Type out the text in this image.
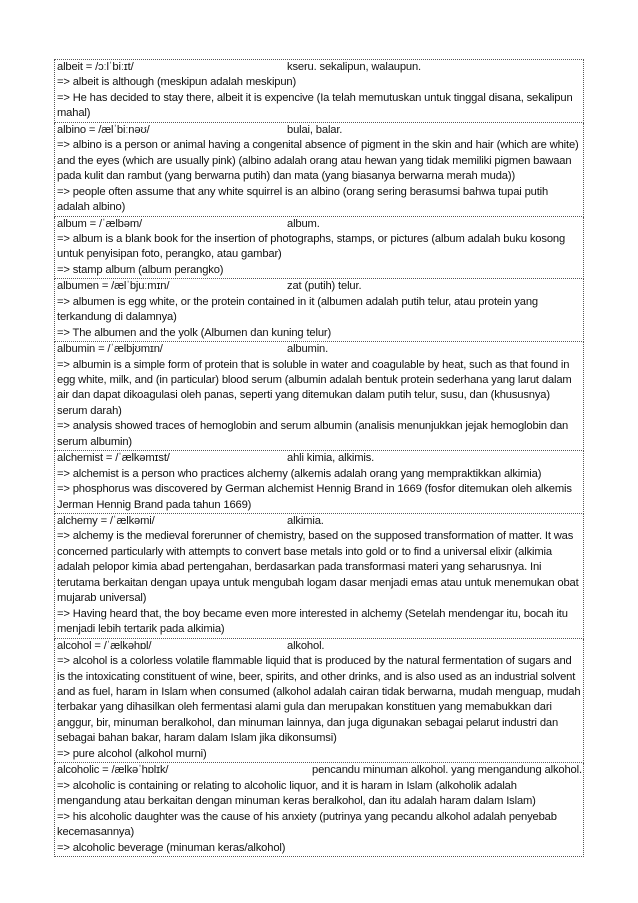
albeit = /ɔːlˈbiːɪt/	kseru. sekalipun, walaupun.
=> albeit is although (meskipun adalah meskipun)
=> He has decided to stay there, albeit it is expencive (Ia telah memutuskan untuk tinggal disana, sekalipun mahal)
albino = /ælˈbiːnəʊ/	bulai, balar.
=> albino is a person or animal having a congenital absence of pigment in the skin and hair (which are white) and the eyes (which are usually pink) (albino adalah orang atau hewan yang tidak memiliki pigmen bawaan pada kulit dan rambut (yang berwarna putih) dan mata (yang biasanya berwarna merah muda))
=> people often assume that any white squirrel is an albino (orang sering berasumsi bahwa tupai putih adalah albino)
album = /ˈælbəm/	album.
=> album is a blank book for the insertion of photographs, stamps, or pictures (album adalah buku kosong untuk penyisipan foto, perangko, atau gambar)
=> stamp album (album perangko)
albumen = /ælˈbjuːmɪn/	zat (putih) telur.
=> albumen is egg white, or the protein contained in it (albumen adalah putih telur, atau protein yang terkandung di dalamnya)
=> The albumen and the yolk (Albumen dan kuning telur)
albumin = /ˈælbjʊmɪn/	albumin.
=> albumin is a simple form of protein that is soluble in water and coagulable by heat, such as that found in egg white, milk, and (in particular) blood serum (albumin adalah bentuk protein sederhana yang larut dalam air dan dapat dikoagulasi oleh panas, seperti yang ditemukan dalam putih telur, susu, dan (khususnya) serum darah)
=> analysis showed traces of hemoglobin and serum albumin (analisis menunjukkan jejak hemoglobin dan serum albumin)
alchemist = /ˈælkəmɪst/	ahli kimia, alkimis.
=> alchemist is a person who practices alchemy (alkemis adalah orang yang mempraktikkan alkimia)
=> phosphorus was discovered by German alchemist Hennig Brand in 1669 (fosfor ditemukan oleh alkemis Jerman Hennig Brand pada tahun 1669)
alchemy = /ˈælkəmi/	alkimia.
=> alchemy is the medieval forerunner of chemistry, based on the supposed transformation of matter. It was concerned particularly with attempts to convert base metals into gold or to find a universal elixir (alkimia adalah pelopor kimia abad pertengahan, berdasarkan pada transformasi materi yang seharusnya. Ini terutama berkaitan dengan upaya untuk mengubah logam dasar menjadi emas atau untuk menemukan obat mujarab universal)
=> Having heard that, the boy became even more interested in alchemy (Setelah mendengar itu, bocah itu menjadi lebih tertarik pada alkimia)
alcohol = /ˈælkəhɒl/	alkohol.
=> alcohol is a colorless volatile flammable liquid that is produced by the natural fermentation of sugars and is the intoxicating constituent of wine, beer, spirits, and other drinks, and is also used as an industrial solvent and as fuel, haram in Islam when consumed (alkohol adalah cairan tidak berwarna, mudah menguap, mudah terbakar yang dihasilkan oleh fermentasi alami gula dan merupakan konstituen yang memabukkan dari anggur, bir, minuman beralkohol, dan minuman lainnya, dan juga digunakan sebagai pelarut industri dan sebagai bahan bakar, haram dalam Islam jika dikonsumsi)
=> pure alcohol (alkohol murni)
alcoholic = /ælkəˈhɒlɪk/	pencandu minuman alkohol. yang mengandung alkohol.
=> alcoholic is containing or relating to alcoholic liquor, and it is haram in Islam (alkoholik adalah mengandung atau berkaitan dengan minuman keras beralkohol, dan itu adalah haram dalam Islam)
=> his alcoholic daughter was the cause of his anxiety (putrinya yang pecandu alkohol adalah penyebab kecemasannya)
=> alcoholic beverage (minuman keras/alkohol)
